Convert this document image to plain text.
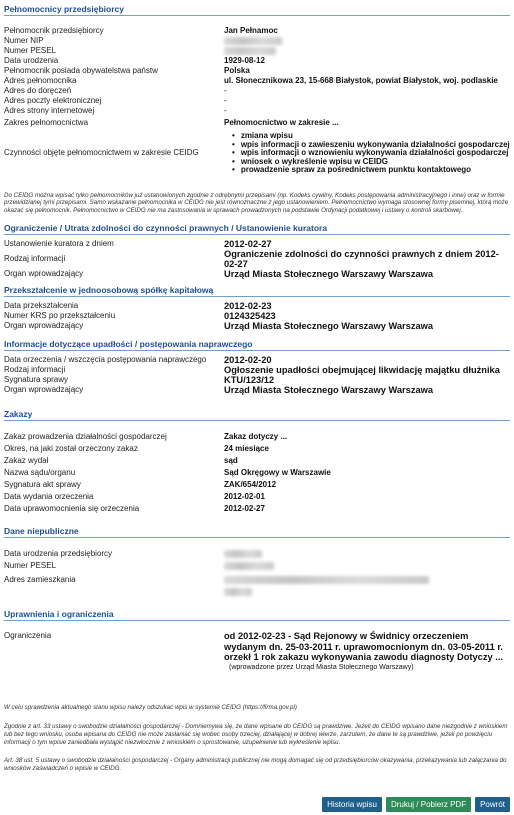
Pełnomocnicy przedsiębiorcy
Pełnomocnik przedsiębiorcy	Jan Pełnamoc
Numer NIP
Numer PESEL
Data urodzenia	1929-08-12
Pełnomocnik posiada obywatelstwa państw	Polska
Adres pełnomocnika	ul. Słonecznikowa 23, 15-668 Białystok, powiat Białystok, woj. podlaskie
Adres do doręczeń	-
Adres poczty elektronicznej	-
Adres strony internetowej	-
Zakres pełnomocnictwa	Pełnomocnictwo w zakresie ...
Czynności objęte pełnomocnictwem w zakresie CEIDG
• zmiana wpisu
• wpis informacji o zawieszeniu wykonywania działalności gospodarczej
• wpis informacji o wznowieniu wykonywania działalności gospodarczej
• wniosek o wykreślenie wpisu w CEIDG
• prowadzenie spraw za pośrednictwem punktu kontaktowego
Do CEIDG można wpisać tylko pełnomocników już ustanowionych zgodnie z odrębnymi przepisami (np. Kodeks cywilny, Kodeks postępowania administracyjnego i inne) oraz w formie przewidzianej tymi przepisami. Samo wskazanie pełnomocnika w CEIDG nie jest równoznaczne z jego ustanowieniem. Pełnomocnictwo wymaga stosownej formy pisemnej, którą może okazać się pełnomocnik. Pełnomocnictwo w CEIDG nie ma zastosowania w sprawach prowadzonych na podstawie Ordynacji podatkowej i ustawy o kontroli skarbowej.
Ograniczenie / Utrata zdolności do czynności prawnych / Ustanowienie kuratora
Ustanowienie kuratora z dniem	2012-02-27
Rodzaj informacji	Ograniczenie zdolności do czynności prawnych z dniem 2012-02-27
Organ wprowadzający	Urząd Miasta Stołecznego Warszawy Warszawa
Przekształcenie w jednoosobową spółkę kapitałową
Data przekształcenia	2012-02-23
Numer KRS po przekształceniu	0124325423
Organ wprowadzający	Urząd Miasta Stołecznego Warszawy Warszawa
Informacje dotyczące upadłości / postępowania naprawczego
Data orzeczenia / wszczęcia postępowania naprawczego	2012-02-20
Rodzaj informacji	Ogłoszenie upadłości obejmującej likwidację majątku dłużnika
Sygnatura sprawy	KTU/123/12
Organ wprowadzający	Urząd Miasta Stołecznego Warszawy Warszawa
Zakazy
Zakaz prowadzenia działalności gospodarczej	Zakaz dotyczy ...
Okres, na jaki został orzeczony zakaz	24 miesiące
Zakaz wydał	sąd
Nazwa sądu/organu	Sąd Okręgowy w Warszawie
Sygnatura akt sprawy	ZAK/654/2012
Data wydania orzeczenia	2012-02-01
Data uprawomocnienia się orzeczenia	2012-02-27
Dane niepubliczne
Data urodzenia przedsiębiorcy
Numer PESEL
Adres zamieszkania

Uprawnienia i ograniczenia
Ograniczenia	od 2012-02-23 - Sąd Rejonowy w Świdnicy orzeczeniem wydanym dn. 25-03-2011 r. uprawomocnionym dn. 03-05-2011 r. orzekł 1 rok zakazu wykonywania zawodu diagnosty Dotyczy ...
(wprowadzone przez Urząd Miasta Stołecznego Warszawy)
W celu sprawdzenia aktualnego stanu wpisu należy odszukać wpis w systemie CEIDG (https://firma.gov.pl)
Zgodnie z art. 33 ustawy o swobodzie działalności gospodarczej - Domniemywa się, że dane wpisane do CEIDG są prawdziwe. Jeżeli do CEIDG wpisano dane niezgodnie z wnioskiem lub bez tego wniosku, osoba wpisana do CEIDG nie może zasłaniać się wobec osoby trzeciej, działającej w dobrej wierze, zarzutem, że dane te są prawdziwe, jeżeli po powzięciu informacji o tym wpisie zaniedbała wystąpić niezwłocznie z wnioskiem o sprostowanie, uzupełnienie lub wykreślenie wpisu.
Art. 38 ust. 5 ustawy o swobodzie działalności gospodarczej - Organy administracji publicznej nie mogą domagać się od przedsiębiorców okazywania, przekazywania lub załączania do wniosków zaświadczeń o wpisie w CEIDG.
Historia wpisu	Drukuj / Pobierz PDF	Powrót
